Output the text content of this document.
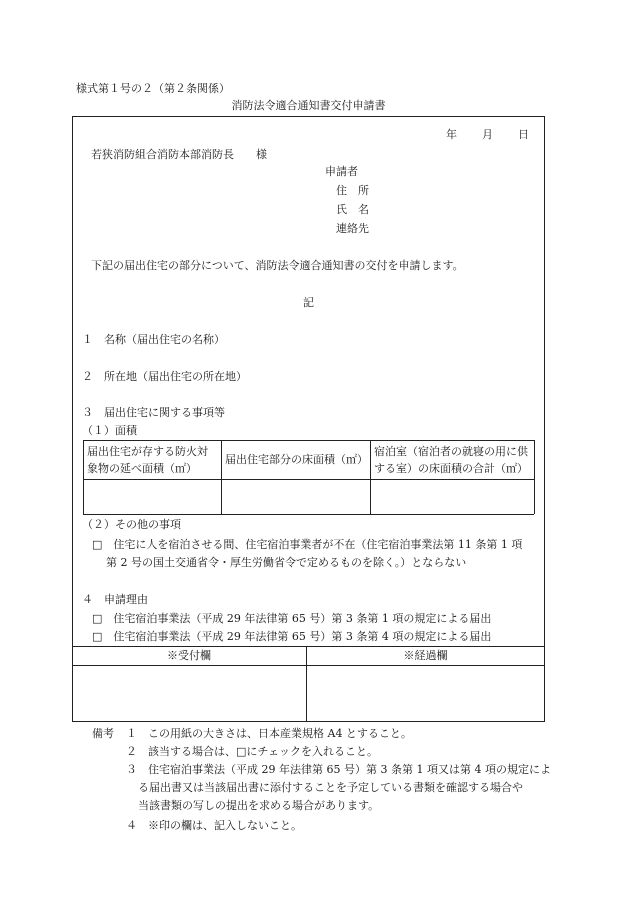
様式第１号の２（第２条関係）
消防法令適合通知書交付申請書
年 月 日
若狭消防組合消防本部消防長　　様
申請者
住　所
氏　名
連絡先
下記の届出住宅の部分について、消防法令適合通知書の交付を申請します。
記
１　名称（届出住宅の名称）
２　所在地（届出住宅の所在地）
３　届出住宅に関する事項等
（１）面積
届出住宅が存する防火対
象物の延べ面積（㎡）
届出住宅部分の床面積（㎡）
宿泊室（宿泊者の就寝の用に供
する室）の床面積の合計（㎡）
（２）その他の事項
□　住宅に人を宿泊させる間、住宅宿泊事業者が不在（住宅宿泊事業法第 11 条第 1 項
第 2 号の国土交通省令・厚生労働省令で定めるものを除く。）とならない
４　申請理由
□　住宅宿泊事業法（平成 29 年法律第 65 号）第 3 条第 1 項の規定による届出
□　住宅宿泊事業法（平成 29 年法律第 65 号）第 3 条第 4 項の規定による届出
※受付欄	※経過欄
備考 １　この用紙の大きさは、日本産業規格 A4 とすること。
２　該当する場合は、□にチェックを入れること。
３　住宅宿泊事業法（平成 29 年法律第 65 号）第 3 条第 1 項又は第 4 項の規定によ
る届出書又は当該届出書に添付することを予定している書類を確認する場合や
当該書類の写しの提出を求める場合があります。
４　※印の欄は、記入しないこと。
